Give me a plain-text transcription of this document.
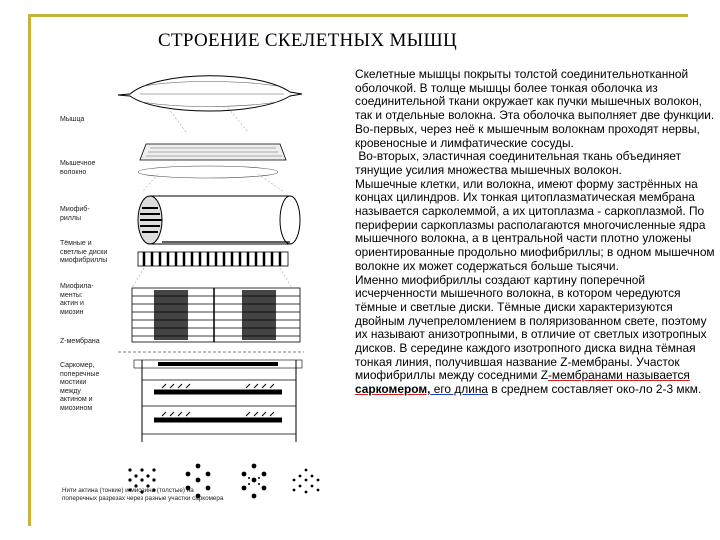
СТРОЕНИЕ СКЕЛЕТНЫХ МЫШЦ
Мышца
Мышечное
волокно
Миофиб-
риллы
Тёмные и
светлые диски
миофибриллы
Миофила-
менты:
актин и
миозин
Z-мембрана
Саркомер,
поперечные
мостики
между
актином и
миозином
Нити актина (тонкие) и миозина (толстые) на
поперечных разрезах через разные участки саркомера

Скелетные мышцы покрыты толстой соединительнотканной оболочкой. В толще мышцы более тонкая оболочка из соединительной ткани окружает как пучки мышечных волокон, так и отдельные волокна. Эта оболочка выполняет две функции.

Во-первых, через неё к мышечным волокнам проходят нервы, кровеносные и лимфатические сосуды.

Во-вторых, эластичная соединительная ткань объединяет тянущие усилия множества мышечных волокон.

Мышечные клетки, или волокна, имеют форму застрённых на концах цилиндров. Их тонкая цитоплазматическая мембрана называется сарколеммой, а их цитоплазма - саркоплазмой. По периферии саркоплазмы располагаются многочисленные ядра мышечного волокна, а в центральной части плотно уложены ориентированные продольно миофибриллы; в одном мышечном волокне их может содержаться больше тысячи.

Именно миофибриллы создают картину поперечной исчерченности мышечного волокна, в котором чередуются тёмные и светлые диски. Тёмные диски характеризуются двойным лучепреломлением в поляризованном свете, поэтому их называют анизотропными, в отличие от светлых изотропных дисков. В середине каждого изотропного диска видна тёмная тонкая линия, получившая название Z-мембраны. Участок миофибриллы между соседними Z-мембранами называется саркомером, его длина в среднем составляет око-ло 2-3 мкм.
